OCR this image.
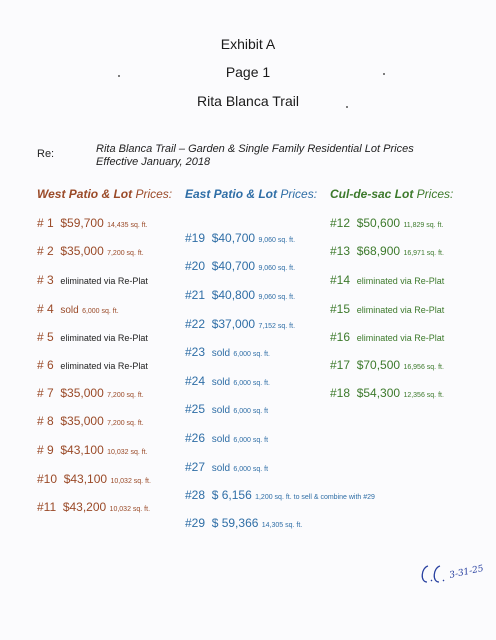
Exhibit A
Page 1
Rita Blanca Trail
Re:	Rita Blanca Trail – Garden & Single Family Residential Lot Prices
Effective January, 2018
West Patio & Lot Prices: East Patio & Lot Prices: Cul-de-sac Lot Prices:
# 1 $59,700 14,435 sq. ft.
# 2 $35,000 7,200 sq. ft.
# 3 eliminated via Re-Plat
# 4 sold 6,000 sq. ft.
# 5 eliminated via Re-Plat
# 6 eliminated via Re-Plat
# 7 $35,000 7,200 sq. ft.
# 8 $35,000 7,200 sq. ft.
# 9 $43,100 10,032 sq. ft.
#10 $43,100 10,032 sq. ft.
#11 $43,200 10,032 sq. ft.
#19 $40,700 9,060 sq. ft.
#20 $40,700 9,060 sq. ft.
#21 $40,800 9,060 sq. ft.
#22 $37,000 7,152 sq. ft.
#23 sold 6,000 sq. ft.
#24 sold 6,000 sq. ft.
#25 sold 6,000 sq. ft
#26 sold 6,000 sq. ft
#27 sold 6,000 sq. ft
#28 $ 6,156 1,200 sq. ft. to sell & combine with #29
#29 $ 59,366 14,305 sq. ft.
#12 $50,600 11,829 sq. ft.
#13 $68,900 16,971 sq. ft.
#14 eliminated via Re-Plat
#15 eliminated via Re-Plat
#16 eliminated via Re-Plat
#17 $70,500 16,956 sq. ft.
#18 $54,300 12,356 sq. ft.
3-31-25
